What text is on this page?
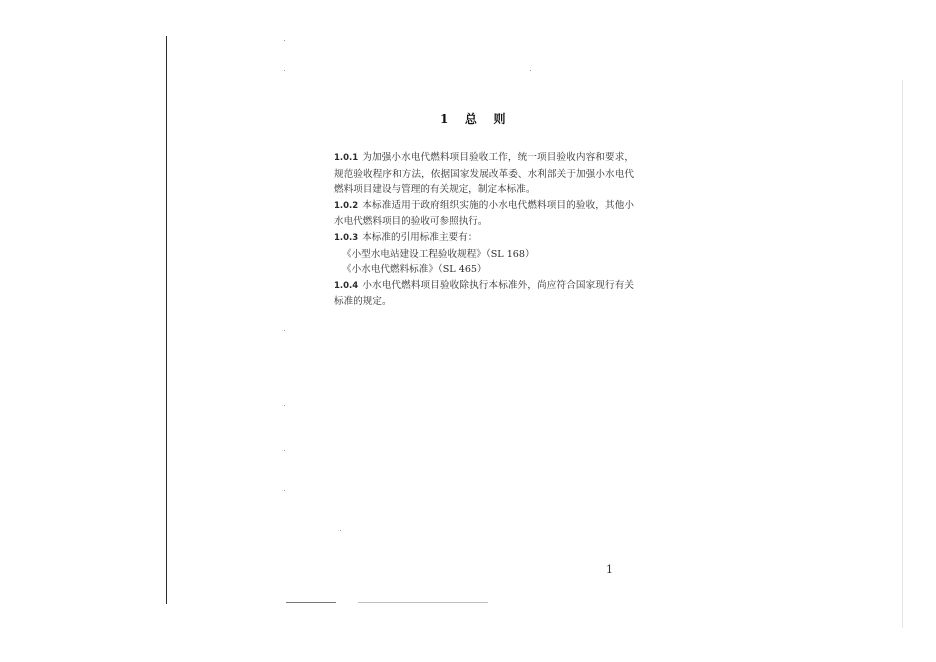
1 总   则

1.0.1 为加强小水电代燃料项目验收工作，统一项目验收内容和要求，规范验收程序和方法，依据国家发展改革委、水利部关于加强小水电代燃料项目建设与管理的有关规定，制定本标准。

1.0.2 本标准适用于政府组织实施的小水电代燃料项目的验收，其他小水电代燃料项目的验收可参照执行。

1.0.3 本标准的引用标准主要有：

《小型水电站建设工程验收规程》（SL 168）

《小水电代燃料标准》（SL 465）

1.0.4 小水电代燃料项目验收除执行本标准外，尚应符合国家现行有关标准的规定。

1
